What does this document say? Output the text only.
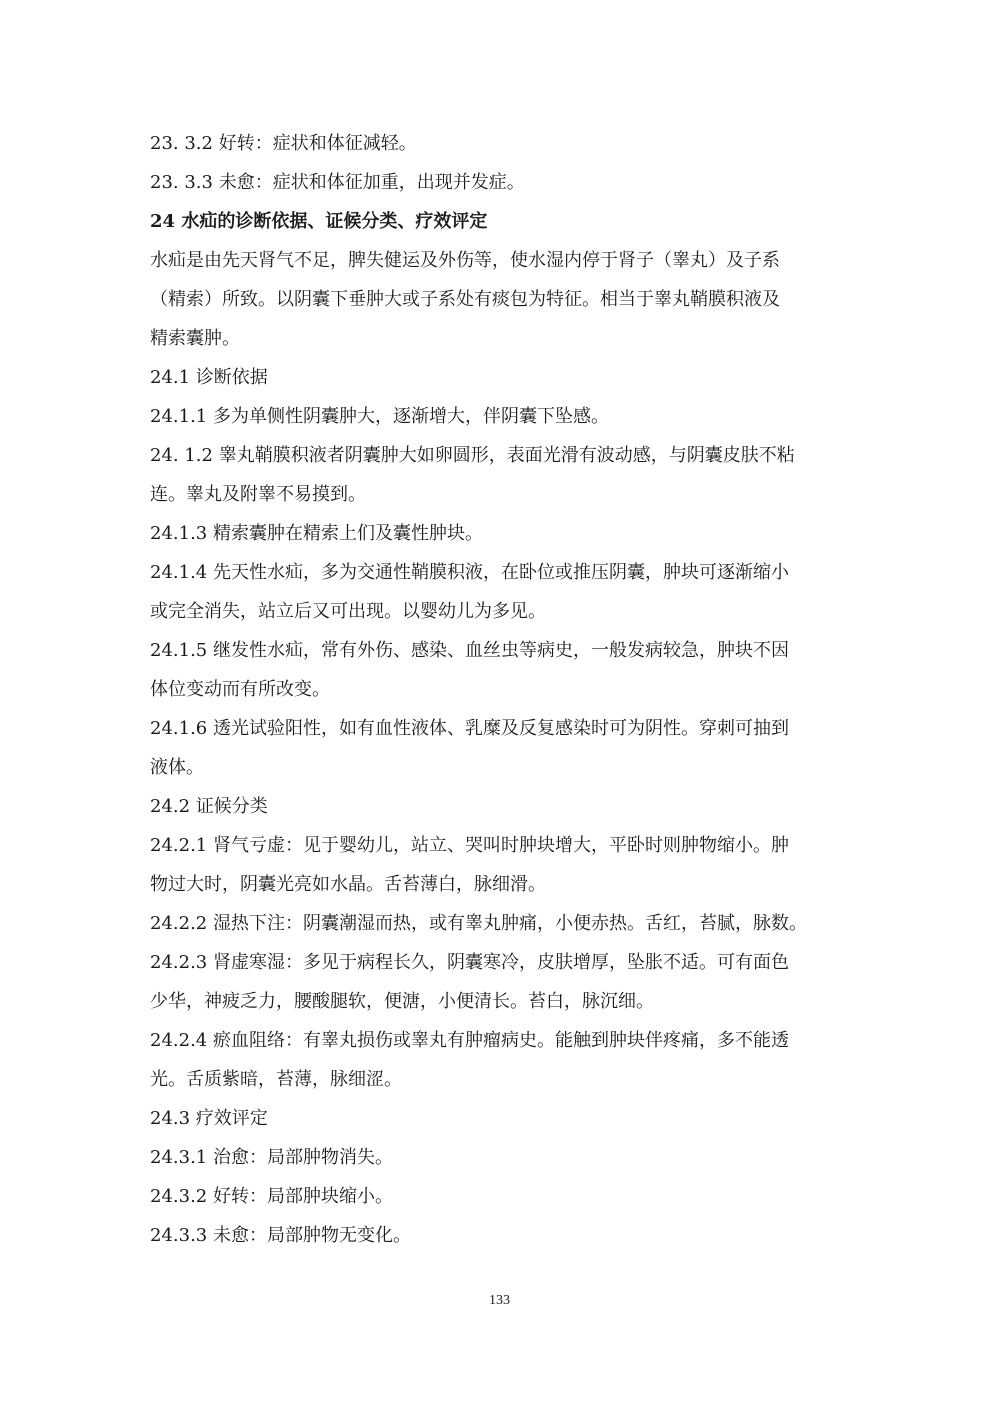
23. 3.2 好转：症状和体征减轻。
23. 3.3 未愈：症状和体征加重，出现并发症。
24 水疝的诊断依据、证候分类、疗效评定
水疝是由先天肾气不足，脾失健运及外伤等，使水湿内停于肾子（睾丸）及子系
（精索）所致。以阴囊下垂肿大或子系处有痰包为特征。相当于睾丸鞘膜积液及
精索囊肿。
24.1 诊断依据
24.1.1 多为单侧性阴囊肿大，逐渐增大，伴阴囊下坠感。
24. 1.2 睾丸鞘膜积液者阴囊肿大如卵圆形，表面光滑有波动感，与阴囊皮肤不粘
连。睾丸及附睾不易摸到。
24.1.3 精索囊肿在精索上们及囊性肿块。
24.1.4 先天性水疝，多为交通性鞘膜积液，在卧位或推压阴囊，肿块可逐渐缩小
或完全消失，站立后又可出现。以婴幼儿为多见。
24.1.5 继发性水疝，常有外伤、感染、血丝虫等病史，一般发病较急，肿块不因
体位变动而有所改变。
24.1.6 透光试验阳性，如有血性液体、乳糜及反复感染时可为阴性。穿刺可抽到
液体。
24.2 证候分类
24.2.1 肾气亏虚：见于婴幼儿，站立、哭叫时肿块增大，平卧时则肿物缩小。肿
物过大时，阴囊光亮如水晶。舌苔薄白，脉细滑。
24.2.2 湿热下注：阴囊潮湿而热，或有睾丸肿痛，小便赤热。舌红，苔腻，脉数。
24.2.3 肾虚寒湿：多见于病程长久，阴囊寒冷，皮肤增厚，坠胀不适。可有面色
少华，神疲乏力，腰酸腿软，便溏，小便清长。苔白，脉沉细。
24.2.4 瘀血阻络：有睾丸损伤或睾丸有肿瘤病史。能触到肿块伴疼痛，多不能透
光。舌质紫暗，苔薄，脉细涩。
24.3 疗效评定
24.3.1 治愈：局部肿物消失。
24.3.2 好转：局部肿块缩小。
24.3.3 未愈：局部肿物无变化。
133
